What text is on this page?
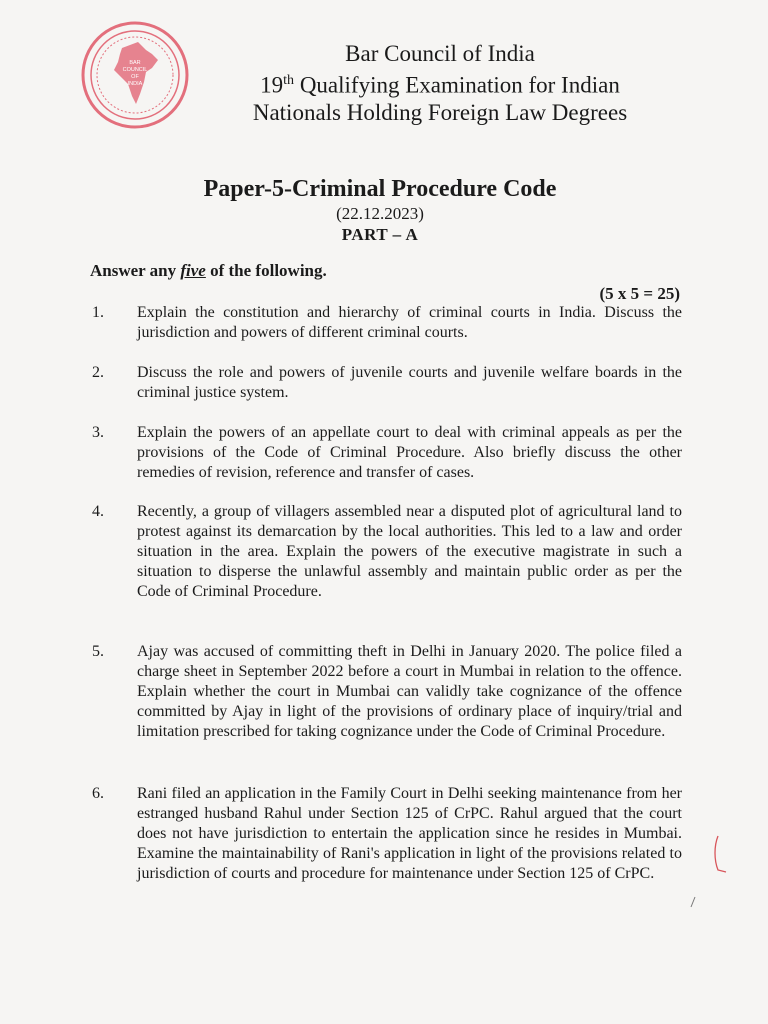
BAR
COUNCIL
OF
INDIA
Bar Council of India
19th Qualifying Examination for Indian
Nationals Holding Foreign Law Degrees
Paper-5-Criminal Procedure Code
(22.12.2023)
PART – A
Answer any five of the following.
(5 x 5 = 25)
1.	Explain the constitution and hierarchy of criminal courts in India. Discuss the jurisdiction and powers of different criminal courts.
2.	Discuss the role and powers of juvenile courts and juvenile welfare boards in the criminal justice system.
3.	Explain the powers of an appellate court to deal with criminal appeals as per the provisions of the Code of Criminal Procedure. Also briefly discuss the other remedies of revision, reference and transfer of cases.
4.	Recently, a group of villagers assembled near a disputed plot of agricultural land to protest against its demarcation by the local authorities. This led to a law and order situation in the area. Explain the powers of the executive magistrate in such a situation to disperse the unlawful assembly and maintain public order as per the Code of Criminal Procedure.
5.	Ajay was accused of committing theft in Delhi in January 2020. The police filed a charge sheet in September 2022 before a court in Mumbai in relation to the offence. Explain whether the court in Mumbai can validly take cognizance of the offence committed by Ajay in light of the provisions of ordinary place of inquiry/trial and limitation prescribed for taking cognizance under the Code of Criminal Procedure.
6.	Rani filed an application in the Family Court in Delhi seeking maintenance from her estranged husband Rahul under Section 125 of CrPC. Rahul argued that the court does not have jurisdiction to entertain the application since he resides in Mumbai. Examine the maintainability of Rani's application in light of the provisions related to jurisdiction of courts and procedure for maintenance under Section 125 of CrPC.
